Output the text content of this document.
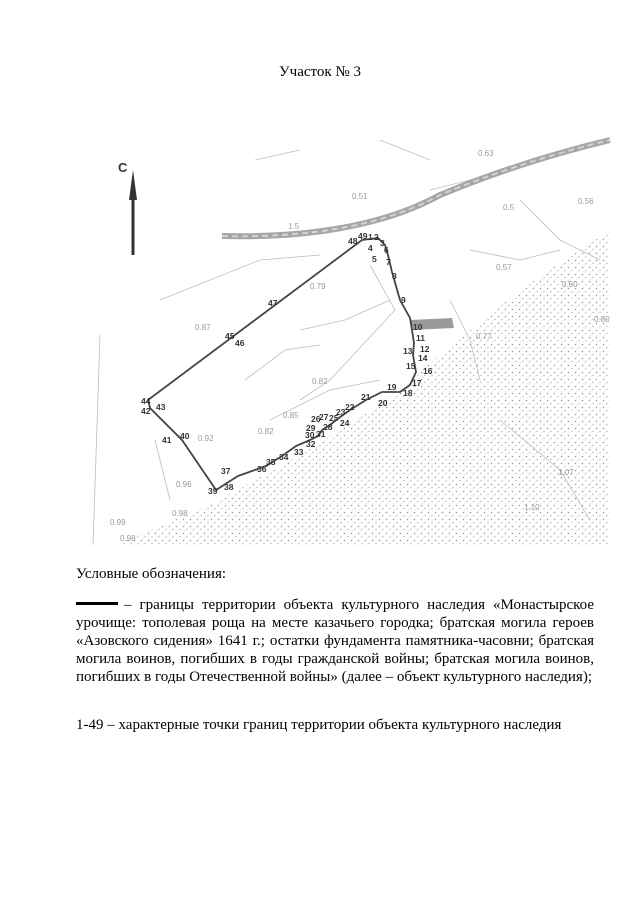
Участок № 3
С
0.63
0.51
0.5
1.5
0.56
0.57
0.60
0.79
0.87
0.77
0.82
0.85
0.82
0.92
0.96
0.99
0.98
0.98
1.07
1.10
0.80
1 2
3
4
5
6
7
8
9
10
11
12
13
14
15 16
17
18
19
20
21
22
23
24
25
26
27
28
29
30 31
32
33
34
35
36
37
38
39
40
41
42 43
44
45
46
47
48 49
Условные обозначения:
– границы территории объекта культурного наследия «Монастырское урочище: тополевая роща на месте казачьего городка; братская могила героев «Азовского сидения» 1641 г.; остатки фундамента памятника-часовни; братская могила воинов, погибших в годы гражданской войны; братская могила воинов, погибших в годы Отечественной войны» (далее – объект культурного наследия);
1-49 – характерные точки границ территории объекта культурного наследия
